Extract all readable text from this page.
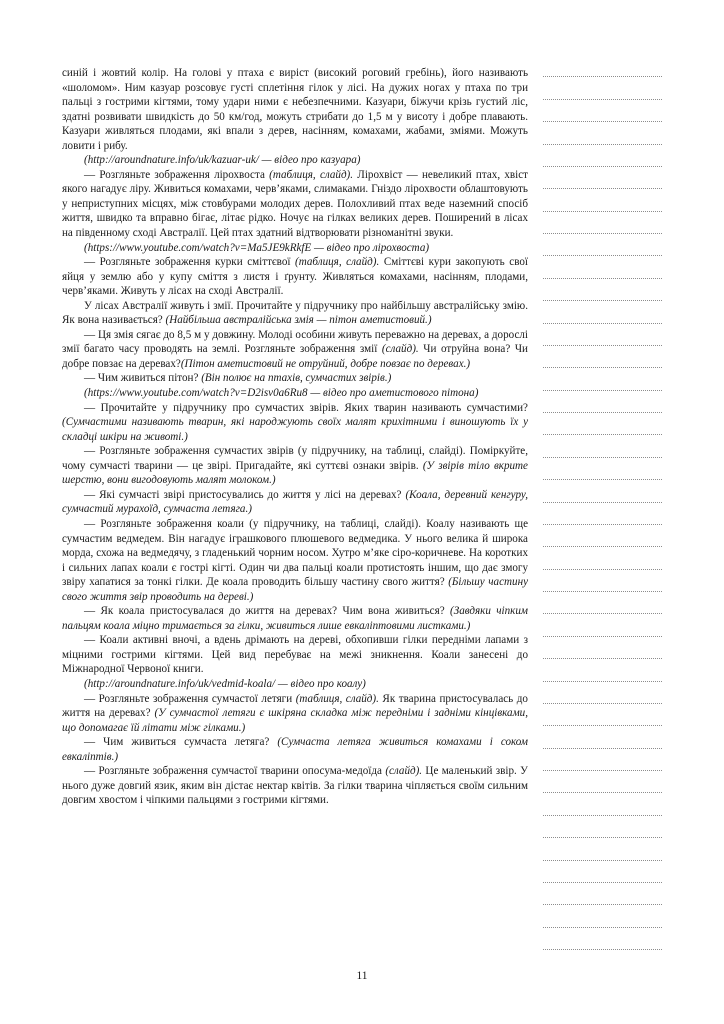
синій і жовтий колір. На голові у птаха є виріст (високий роговий гребінь), його називають «шоломом». Ним казуар розсовує густі сплетіння гілок у лісі. На дужих ногах у птаха по три пальці з гострими кігтями, тому удари ними є небезпечними. Казуари, біжучи крізь густий ліс, здатні розвивати швидкість до 50 км/год, можуть стрибати до 1,5 м у висоту і добре плавають. Казуари живляться плодами, які впали з дерев, насінням, комахами, жабами, зміями. Можуть ловити і рибу.

(http://aroundnature.info/uk/kazuar-uk/ — відео про казуара)

— Розгляньте зображення лірохвоста (таблиця, слайд). Лірохвіст — невеликий птах, хвіст якого нагадує ліру. Живиться комахами, черв’яками, слимаками. Гніздо лірохвости облаштовують у неприступних місцях, між стовбурами молодих дерев. Полохливий птах веде наземний спосіб життя, швидко та вправно бігає, літає рідко. Ночує на гілках великих дерев. Поширений в лісах на південному сході Австралії. Цей птах здатний відтворювати різноманітні звуки.

(https://www.youtube.com/watch?v=Ma5JE9kRkfE — відео про лірохвоста)

— Розгляньте зображення курки сміттєвої (таблиця, слайд). Сміттєві кури закопують свої яйця у землю або у купу сміття з листя і ґрунту. Живляться комахами, насінням, плодами, черв’яками. Живуть у лісах на сході Австралії.

У лісах Австралії живуть і змії. Прочитайте у підручнику про найбільшу австралійську змію. Як вона називається? (Найбільша австралійська змія — пітон аметистовий.)

— Ця змія сягає до 8,5 м у довжину. Молоді особини живуть переважно на деревах, а дорослі змії багато часу проводять на землі. Розгляньте зображення змії (слайд). Чи отруйна вона? Чи добре повзає на деревах?(Пітон аметистовий не отруйний, добре повзає по деревах.)

— Чим живиться пітон? (Він полює на птахів, сумчастих звірів.)

(https://www.youtube.com/watch?v=D2isv0a6Ru8 — відео про аметистового пітона)

— Прочитайте у підручнику про сумчастих звірів. Яких тварин називають сумчастими? (Сумчастими називають тварин, які народжують своїх малят крихітними і виношують їх у складці шкіри на животі.)

— Розгляньте зображення сумчастих звірів (у підручнику, на таблиці, слайді). Поміркуйте, чому сумчасті тварини — це звірі. Пригадайте, які суттєві ознаки звірів. (У звірів тіло вкрите шерстю, вони вигодовують малят молоком.)

— Які сумчасті звірі пристосувались до життя у лісі на деревах? (Коала, деревний кенгуру, сумчастий мурахоїд, сумчаста летяга.)

— Розгляньте зображення коали (у підручнику, на таблиці, слайді). Коалу називають ще сумчастим ведмедем. Він нагадує іграшкового плюшевого ведмедика. У нього велика й широка морда, схожа на ведмедячу, з гладенький чорним носом. Хутро м’яке сіро-коричневе. На коротких і сильних лапах коали є гострі кігті. Один чи два пальці коали протистоять іншим, що дає змогу звіру хапатися за тонкі гілки. Де коала проводить більшу частину свого життя? (Більшу частину свого життя звір проводить на дереві.)

— Як коала пристосувалася до життя на деревах? Чим вона живиться? (Завдяки чіпким пальцям коала міцно тримається за гілки, живиться лише евкаліптовими листками.)

— Коали активні вночі, а вдень дрімають на дереві, обхопивши гілки передніми лапами з міцними гострими кігтями. Цей вид перебуває на межі зникнення. Коали занесені до Міжнародної Червоної книги.

(http://aroundnature.info/uk/vedmid-koala/ — відео про коалу)

— Розгляньте зображення сумчастої летяги (таблиця, слайд). Як тварина пристосувалась до життя на деревах? (У сумчастої летяги є шкіряна складка між передніми і задніми кінцівками, що допомагає їй літати між гілками.)

— Чим живиться сумчаста летяга? (Сумчаста летяга живиться комахами і соком евкаліптів.)

— Розгляньте зображення сумчастої тварини опосума-медоїда (слайд). Це маленький звір. У нього дуже довгий язик, яким він дістає нектар квітів. За гілки тварина чіпляється своїм сильним довгим хвостом і чіпкими пальцями з гострими кігтями.

11
